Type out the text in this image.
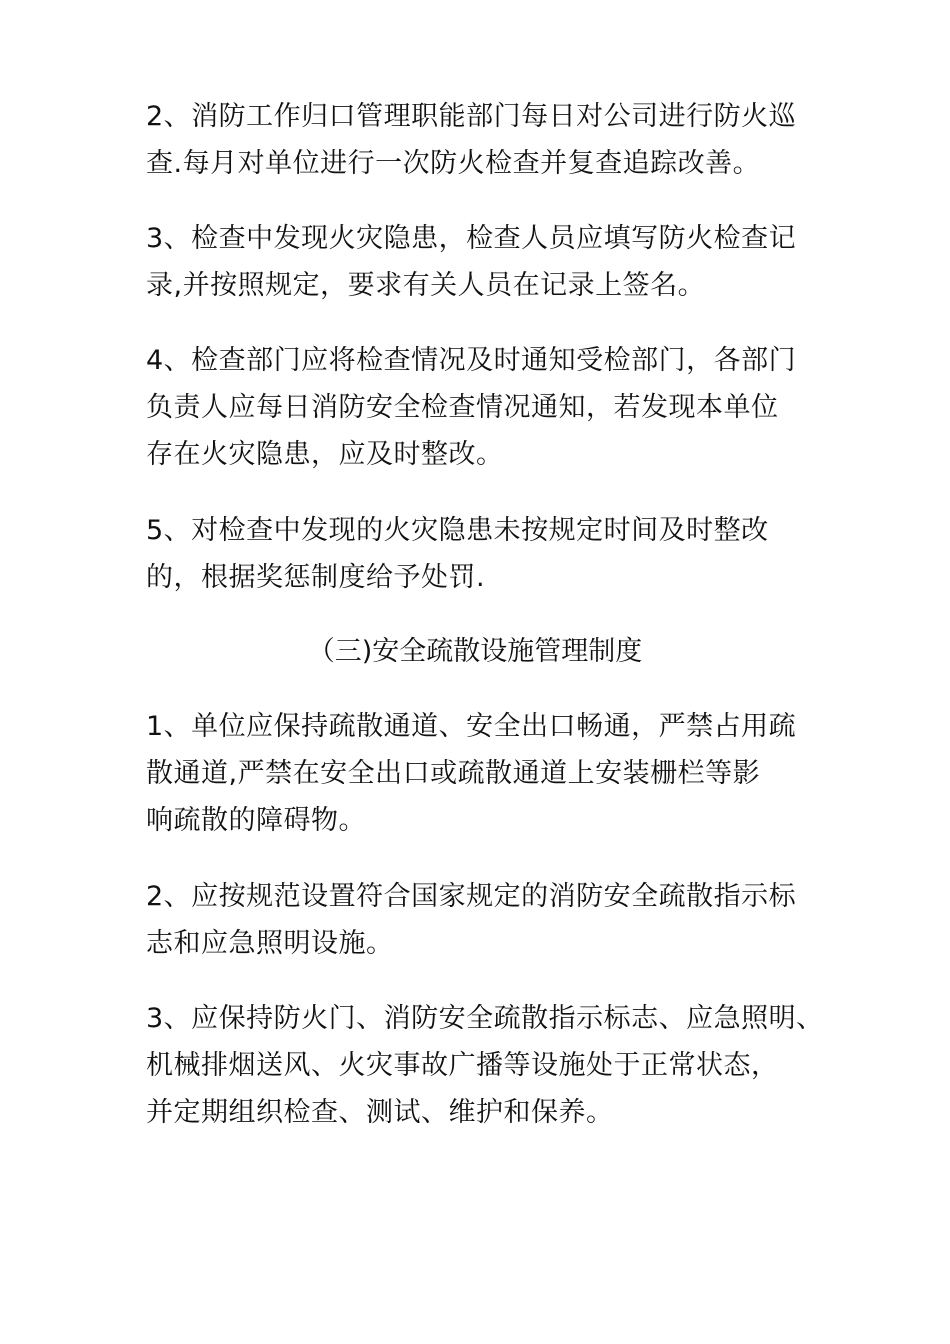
2、消防工作归口管理职能部门每日对公司进行防火巡
查.每月对单位进行一次防火检查并复查追踪改善。

3、检查中发现火灾隐患，检查人员应填写防火检查记
录,并按照规定，要求有关人员在记录上签名。

4、检查部门应将检查情况及时通知受检部门，各部门
负责人应每日消防安全检查情况通知，若发现本单位
存在火灾隐患，应及时整改。

5、对检查中发现的火灾隐患未按规定时间及时整改
的，根据奖惩制度给予处罚.

（三)安全疏散设施管理制度

1、单位应保持疏散通道、安全出口畅通，严禁占用疏
散通道,严禁在安全出口或疏散通道上安装栅栏等影
响疏散的障碍物。

2、应按规范设置符合国家规定的消防安全疏散指示标
志和应急照明设施。

3、应保持防火门、消防安全疏散指示标志、应急照明、
机械排烟送风、火灾事故广播等设施处于正常状态，
并定期组织检查、测试、维护和保养。
